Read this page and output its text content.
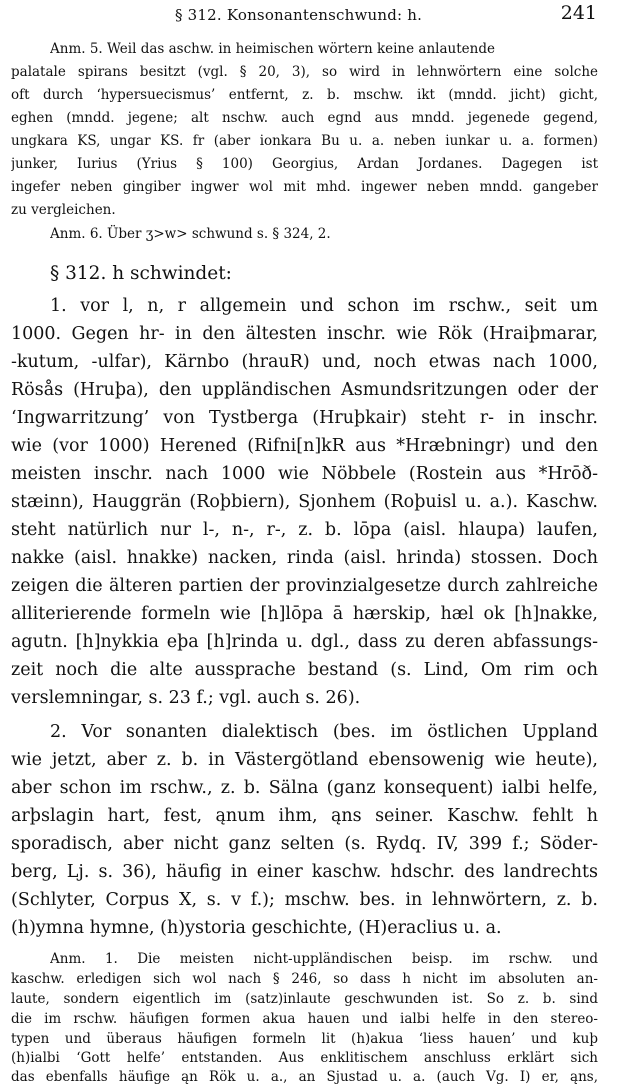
§ 312. Konsonantenschwund: h.	241
Anm. 5. Weil das aschw. in heimischen wörtern keine anlautende
palatale spirans besitzt (vgl. § 20, 3), so wird in lehnwörtern eine solche
oft durch ‘hypersuecismus’ entfernt, z. b. mschw. ikt (mndd. jicht) gicht,
eghen (mndd. jegene; alt nschw. auch egnd aus mndd. jegenede gegend,
ungkara KS, ungar KS. fr (aber ionkara Bu u. a. neben iunkar u. a. formen)
junker, Iurius (Yrius § 100) Georgius, Ardan Jordanes. Dagegen ist
ingefer neben gingiber ingwer wol mit mhd. ingewer neben mndd. gangeber
zu vergleichen.
Anm. 6. Über ʒ>w> schwund s. § 324, 2.
§ 312. h schwindet:
1. vor l, n, r allgemein und schon im rschw., seit um
1000. Gegen hr- in den ältesten inschr. wie Rök (Hraiþmarar,
-kutum, -ulfar), Kärnbo (hrauR) und, noch etwas nach 1000,
Rösås (Hruþa), den uppländischen Asmundsritzungen oder der
‘Ingwarritzung’ von Tystberga (Hruþkair) steht r- in inschr.
wie (vor 1000) Herened (Rifni[n]kR aus *Hræbningr) und den
meisten inschr. nach 1000 wie Nöbbele (Rostein aus *Hrōð-
stæinn), Hauggrän (Roþbiern), Sjonhem (Roþuisl u. a.). Kaschw.
steht natürlich nur l-, n-, r-, z. b. lōpa (aisl. hlaupa) laufen,
nakke (aisl. hnakke) nacken, rinda (aisl. hrinda) stossen. Doch
zeigen die älteren partien der provinzialgesetze durch zahlreiche
alliterierende formeln wie [h]lōpa ā hærskip, hæl ok [h]nakke,
agutn. [h]nykkia eþa [h]rinda u. dgl., dass zu deren abfassungs-
zeit noch die alte aussprache bestand (s. Lind, Om rim och
verslemningar, s. 23 f.; vgl. auch s. 26).
2. Vor sonanten dialektisch (bes. im östlichen Uppland
wie jetzt, aber z. b. in Västergötland ebensowenig wie heute),
aber schon im rschw., z. b. Sälna (ganz konsequent) ialbi helfe,
arþslagin hart, fest, ąnum ihm, ąns seiner. Kaschw. fehlt h
sporadisch, aber nicht ganz selten (s. Rydq. IV, 399 f.; Söder-
berg, Lj. s. 36), häufig in einer kaschw. hdschr. des landrechts
(Schlyter, Corpus X, s. v f.); mschw. bes. in lehnwörtern, z. b.
(h)ymna hymne, (h)ystoria geschichte, (H)eraclius u. a.
Anm. 1. Die meisten nicht-uppländischen beisp. im rschw. und
kaschw. erledigen sich wol nach § 246, so dass h nicht im absoluten an-
laute, sondern eigentlich im (satz)inlaute geschwunden ist. So z. b. sind
die im rschw. häufigen formen akua hauen und ialbi helfe in den stereo-
typen und überaus häufigen formeln lit (h)akua ‘liess hauen’ und kuþ
(h)ialbi ‘Gott helfe’ entstanden. Aus enklitischem anschluss erklärt sich
das ebenfalls häufige ąn Rök u. a., an Sjustad u. a. (auch Vg. I) er, ąns,
